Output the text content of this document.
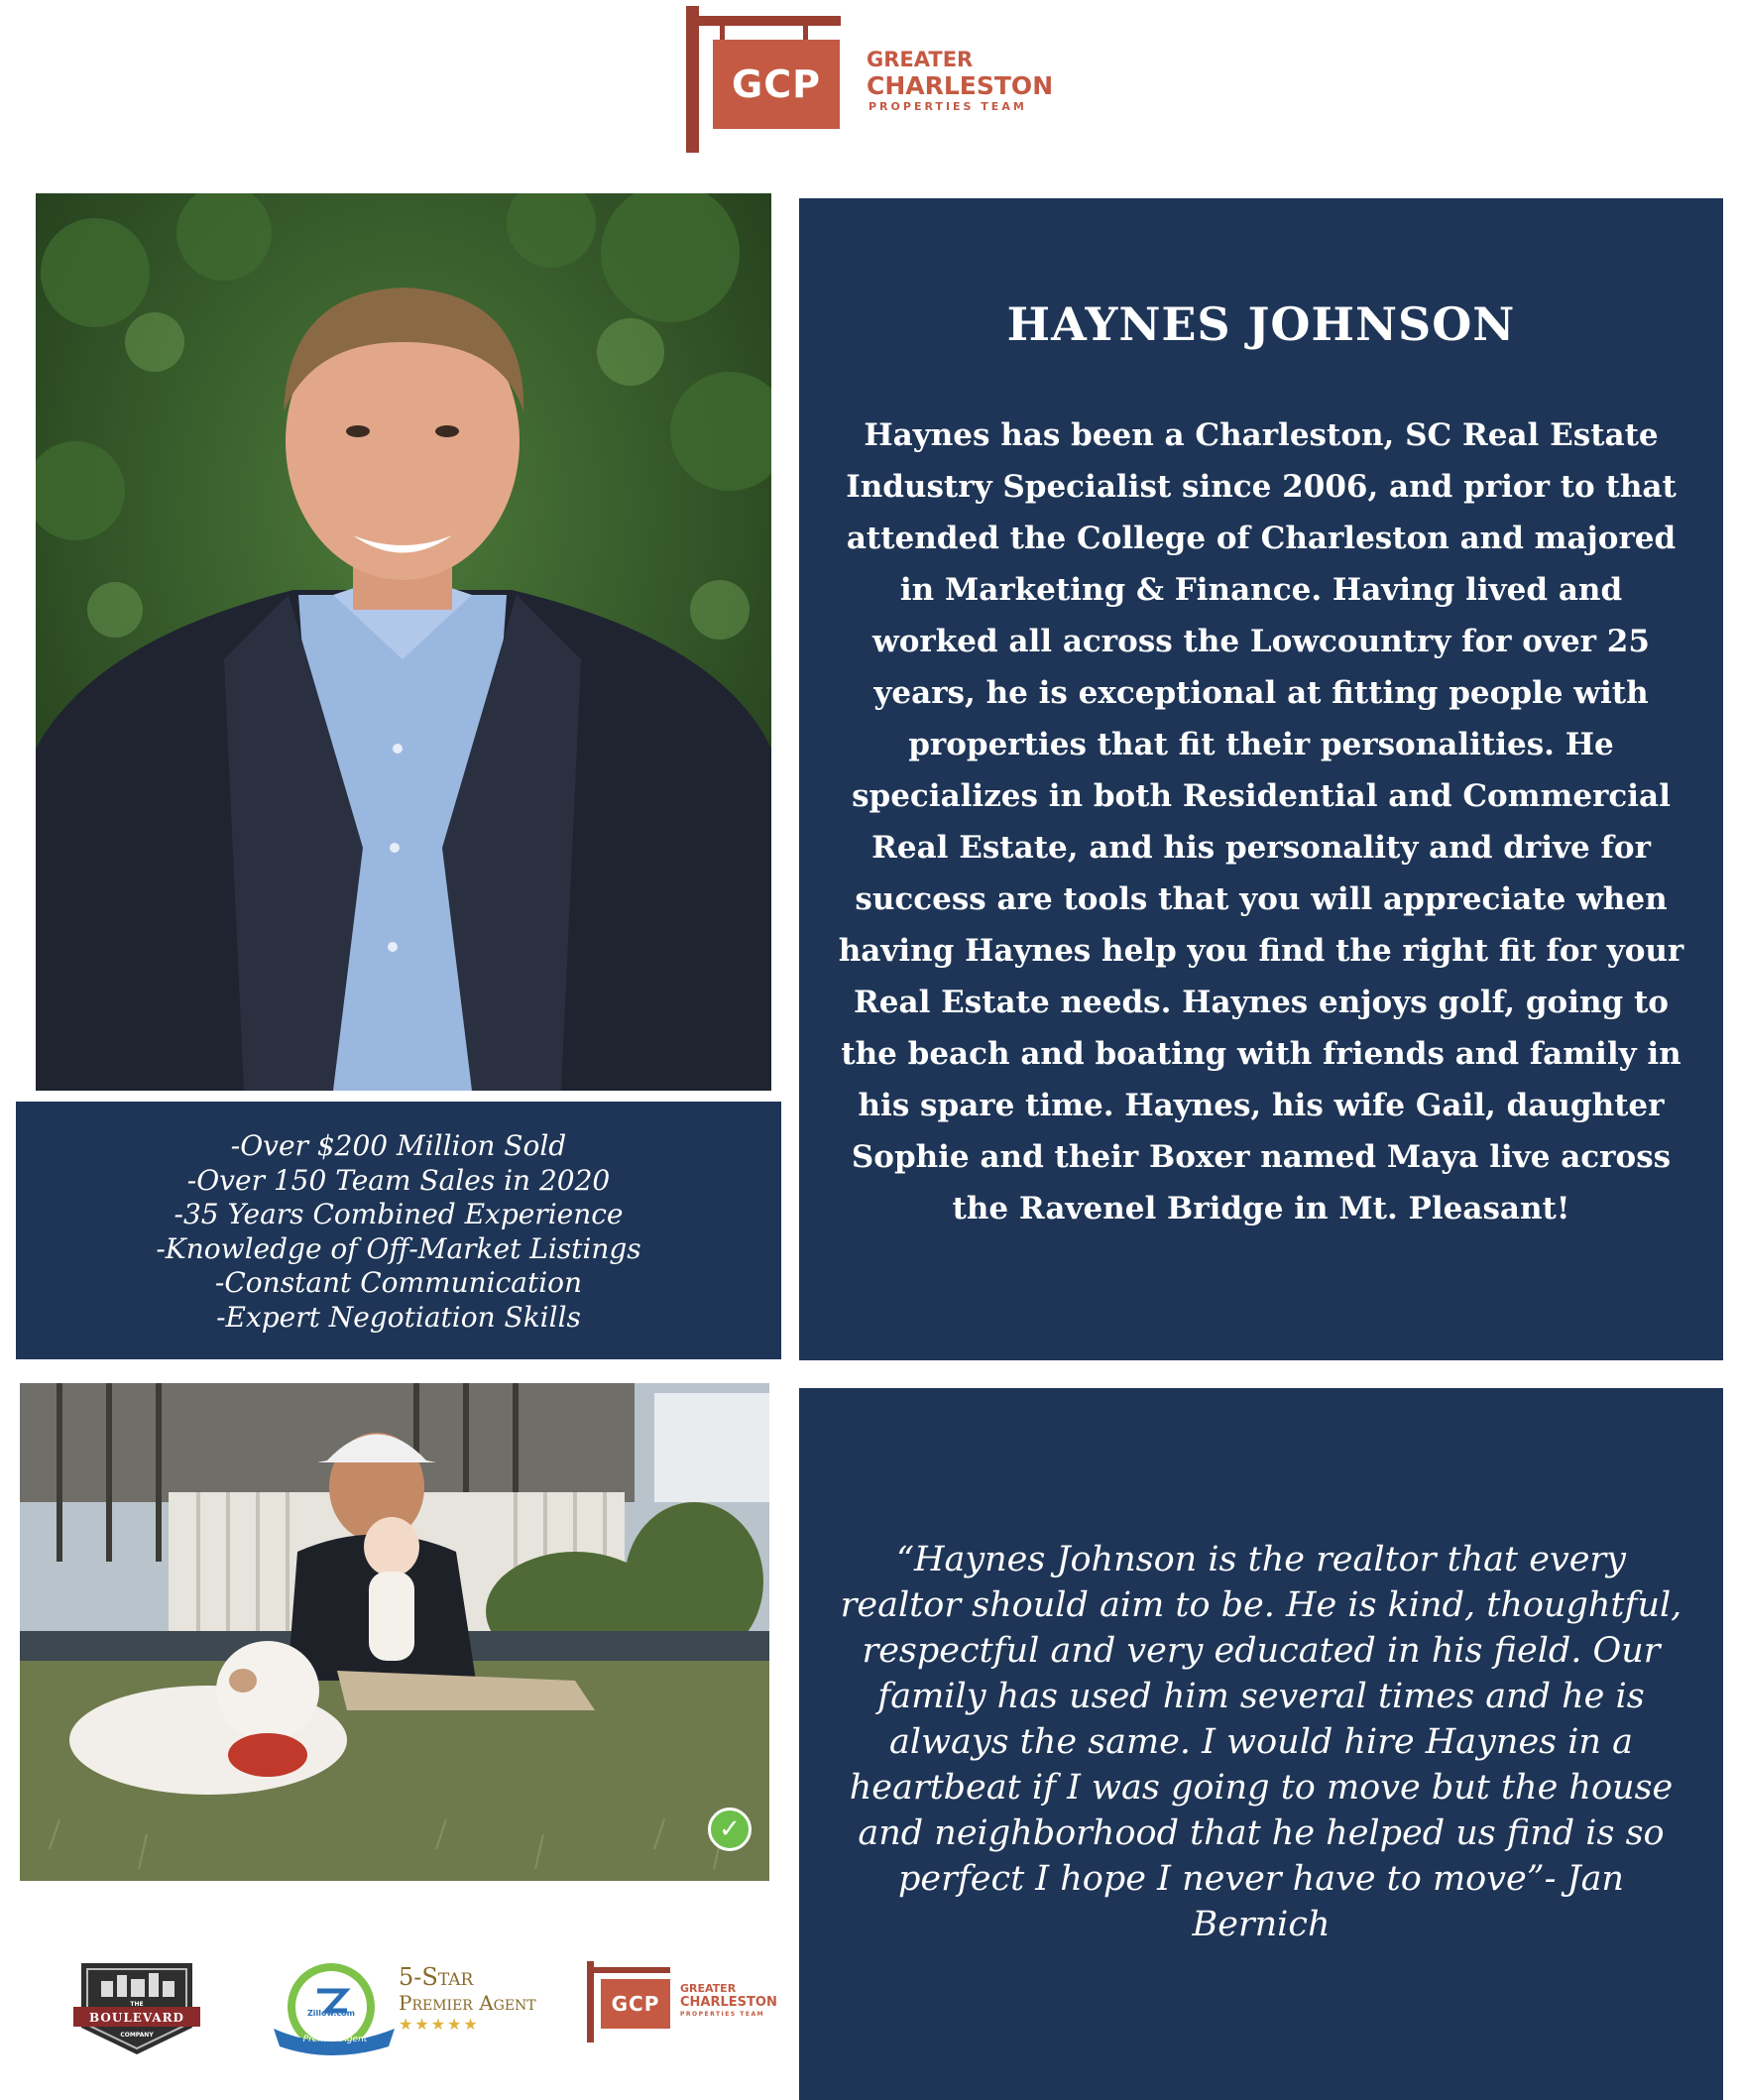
GCP
GREATER
CHARLESTON
PROPERTIES TEAM
-Over $200 Million Sold
-Over 150 Team Sales in 2020
-35 Years Combined Experience
-Knowledge of Off-Market Listings
-Constant Communication
-Expert Negotiation Skills
HAYNES JOHNSON

Haynes has been a Charleston, SC Real Estate
Industry Specialist since 2006, and prior to that
attended the College of Charleston and majored
in Marketing & Finance. Having lived and
worked all across the Lowcountry for over 25
years, he is exceptional at fitting people with
properties that fit their personalities. He
specializes in both Residential and Commercial
Real Estate, and his personality and drive for
success are tools that you will appreciate when
having Haynes help you find the right fit for your
Real Estate needs. Haynes enjoys golf, going to
the beach and boating with friends and family in
his spare time. Haynes, his wife Gail, daughter
Sophie and their Boxer named Maya live across
the Ravenel Bridge in Mt. Pleasant!

✓

“Haynes Johnson is the realtor that every
realtor should aim to be. He is kind, thoughtful,
respectful and very educated in his field. Our
family has used him several times and he is
always the same. I would hire Haynes in a
heartbeat if I was going to move but the house
and neighborhood that he helped us find is so
perfect I hope I never have to move”- Jan
Bernich

THE
BOULEVARD
COMPANY
Zillow.com
Premier Agent
5-Star
Premier Agent
★★★★★
GCP
GREATER
CHARLESTON
PROPERTIES TEAM
